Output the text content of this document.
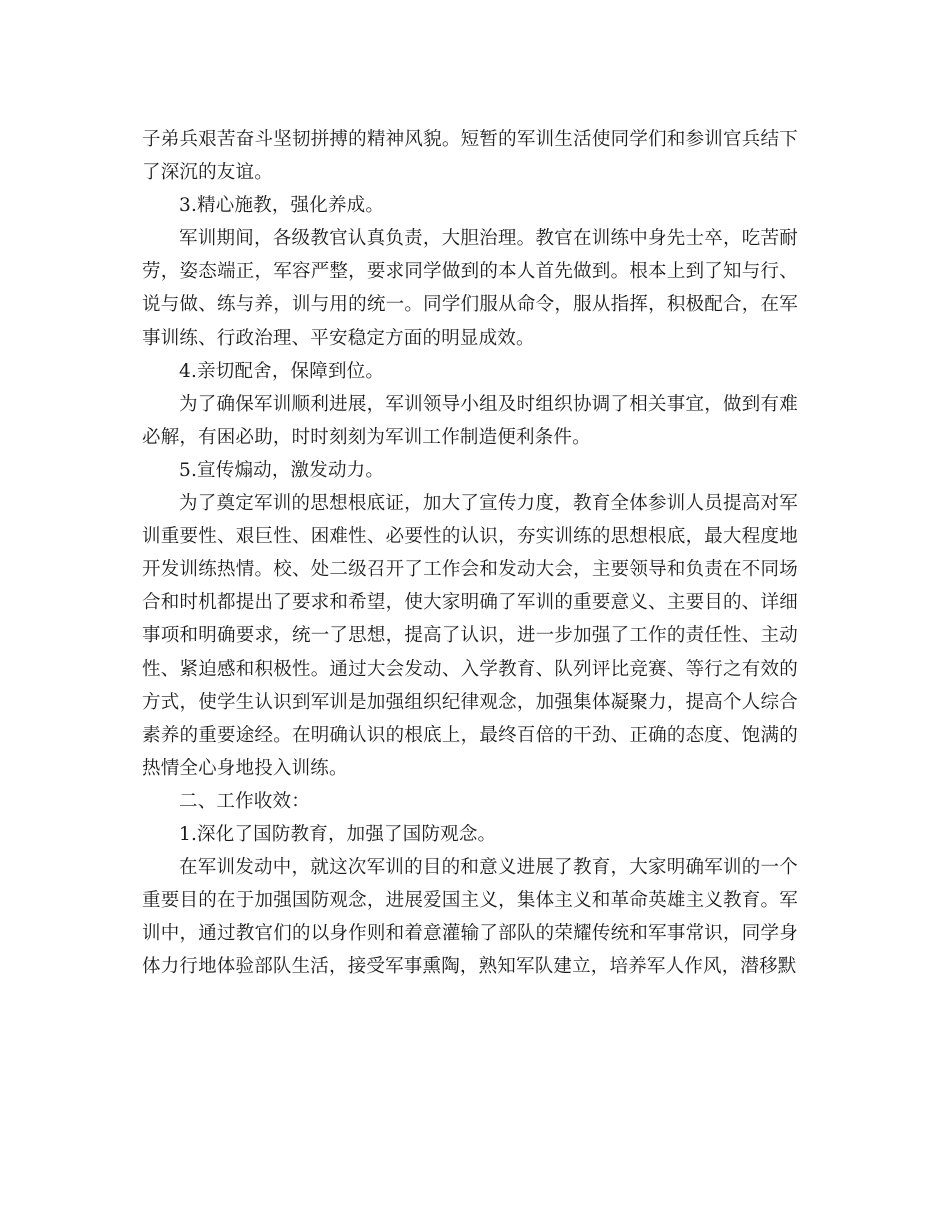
子弟兵艰苦奋斗坚韧拼搏的精神风貌。短暂的军训生活使同学们和参训官兵结下了深沉的友谊。

3.精心施教，强化养成。

军训期间，各级教官认真负责，大胆治理。教官在训练中身先士卒，吃苦耐劳，姿态端正，军容严整，要求同学做到的本人首先做到。根本上到了知与行、说与做、练与养，训与用的统一。同学们服从命令，服从指挥，积极配合，在军事训练、行政治理、平安稳定方面的明显成效。

4.亲切配舍，保障到位。

为了确保军训顺利进展，军训领导小组及时组织协调了相关事宜，做到有难必解，有困必助，时时刻刻为军训工作制造便利条件。

5.宣传煽动，激发动力。

为了奠定军训的思想根底证，加大了宣传力度，教育全体参训人员提高对军训重要性、艰巨性、困难性、必要性的认识，夯实训练的思想根底，最大程度地开发训练热情。校、处二级召开了工作会和发动大会，主要领导和负责在不同场合和时机都提出了要求和希望，使大家明确了军训的重要意义、主要目的、详细事项和明确要求，统一了思想，提高了认识，进一步加强了工作的责任性、主动性、紧迫感和积极性。通过大会发动、入学教育、队列评比竞赛、等行之有效的方式，使学生认识到军训是加强组织纪律观念，加强集体凝聚力，提高个人综合素养的重要途经。在明确认识的根底上，最终百倍的干劲、正确的态度、饱满的热情全心身地投入训练。

二、工作收效：

1.深化了国防教育，加强了国防观念。

在军训发动中，就这次军训的目的和意义进展了教育，大家明确军训的一个重要目的在于加强国防观念，进展爱国主义，集体主义和革命英雄主义教育。军训中，通过教官们的以身作则和着意灌输了部队的荣耀传统和军事常识，同学身体力行地体验部队生活，接受军事熏陶，熟知军队建立，培养军人作风，潜移默
